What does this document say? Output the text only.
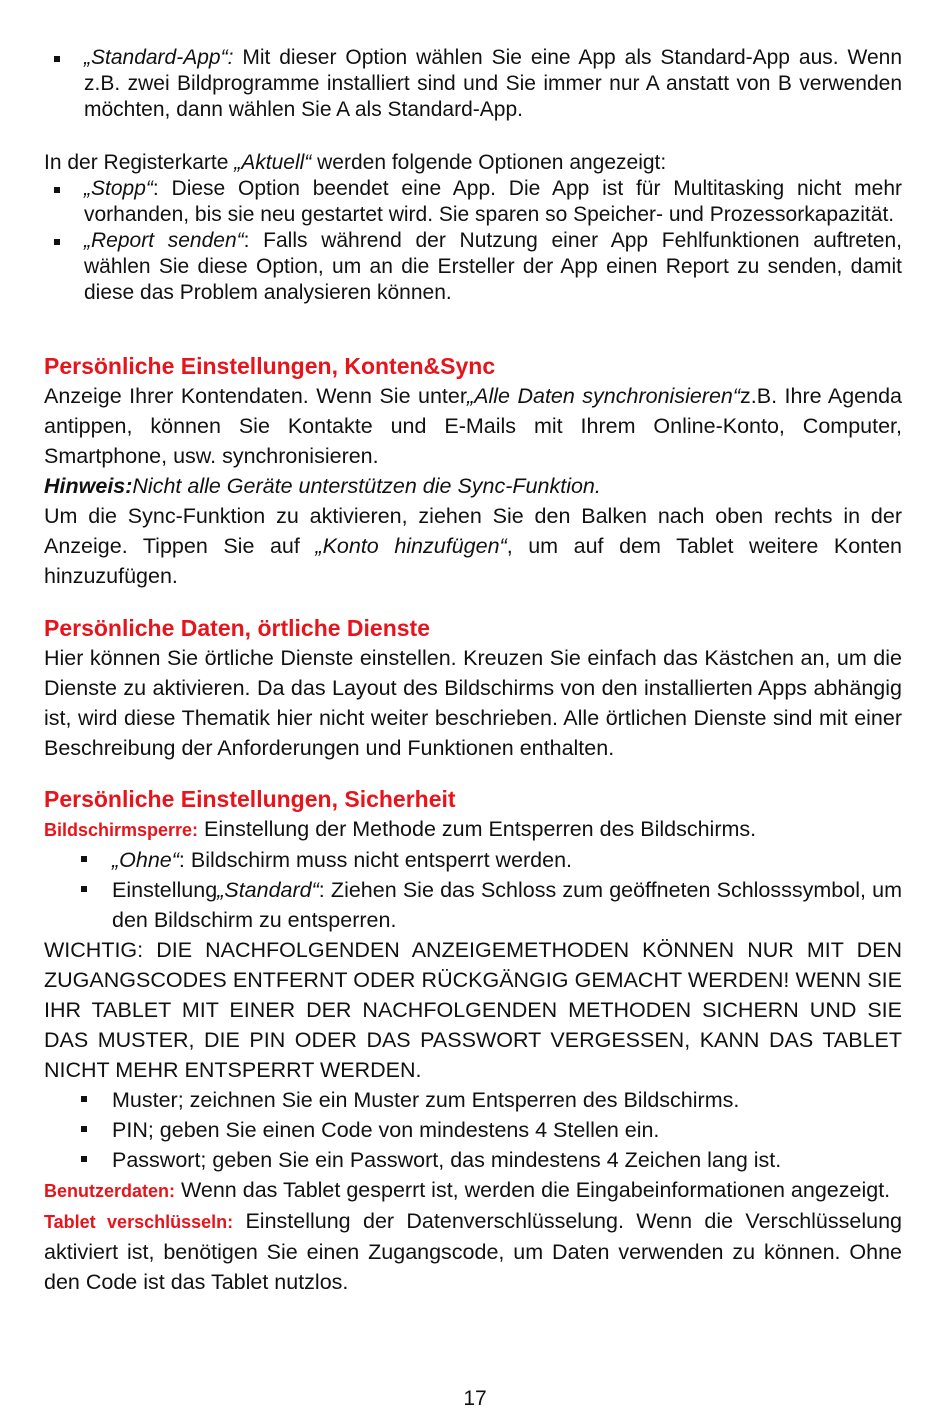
„Standard-App“: Mit dieser Option wählen Sie eine App als Standard-App aus. Wenn z.B. zwei Bildprogramme installiert sind und Sie immer nur A anstatt von B verwenden möchten, dann wählen Sie A als Standard-App.

In der Registerkarte „Aktuell“ werden folgende Optionen angezeigt:

„Stopp“: Diese Option beendet eine App. Die App ist für Multitasking nicht mehr vorhanden, bis sie neu gestartet wird. Sie sparen so Speicher- und Prozessorkapazität.
„Report senden“: Falls während der Nutzung einer App Fehlfunktionen auftreten, wählen Sie diese Option, um an die Ersteller der App einen Report zu senden, damit diese das Problem analysieren können.
Persönliche Einstellungen, Konten&Sync

Anzeige Ihrer Kontendaten. Wenn Sie unter„Alle Daten synchronisieren“z.B. Ihre Agenda antippen, können Sie Kontakte und E-Mails mit Ihrem Online-Konto, Computer, Smartphone, usw. synchronisieren.

Hinweis:Nicht alle Geräte unterstützen die Sync-Funktion.

Um die Sync-Funktion zu aktivieren, ziehen Sie den Balken nach oben rechts in der Anzeige. Tippen Sie auf „Konto hinzufügen“, um auf dem Tablet weitere Konten hinzuzufügen.

Persönliche Daten, örtliche Dienste

Hier können Sie örtliche Dienste einstellen. Kreuzen Sie einfach das Kästchen an, um die Dienste zu aktivieren. Da das Layout des Bildschirms von den installierten Apps abhängig ist, wird diese Thematik hier nicht weiter beschrieben. Alle örtlichen Dienste sind mit einer Beschreibung der Anforderungen und Funktionen enthalten.

Persönliche Einstellungen, Sicherheit

Bildschirmsperre: Einstellung der Methode zum Entsperren des Bildschirms.

„Ohne“: Bildschirm muss nicht entsperrt werden.
Einstellung„Standard“: Ziehen Sie das Schloss zum geöffneten Schlosssymbol, um den Bildschirm zu entsperren.

WICHTIG: DIE NACHFOLGENDEN ANZEIGEMETHODEN KÖNNEN NUR MIT DEN ZUGANGSCODES ENTFERNT ODER RÜCKGÄNGIG GEMACHT WERDEN! WENN SIE IHR TABLET MIT EINER DER NACHFOLGENDEN METHODEN SICHERN UND SIE DAS MUSTER, DIE PIN ODER DAS PASSWORT VERGESSEN, KANN DAS TABLET NICHT MEHR ENTSPERRT WERDEN.

Muster; zeichnen Sie ein Muster zum Entsperren des Bildschirms.
PIN; geben Sie einen Code von mindestens 4 Stellen ein.
Passwort; geben Sie ein Passwort, das mindestens 4 Zeichen lang ist.

Benutzerdaten: Wenn das Tablet gesperrt ist, werden die Eingabeinformationen angezeigt.

Tablet verschlüsseln: Einstellung der Datenverschlüsselung. Wenn die Verschlüsselung aktiviert ist, benötigen Sie einen Zugangscode, um Daten verwenden zu können. Ohne den Code ist das Tablet nutzlos.

17
